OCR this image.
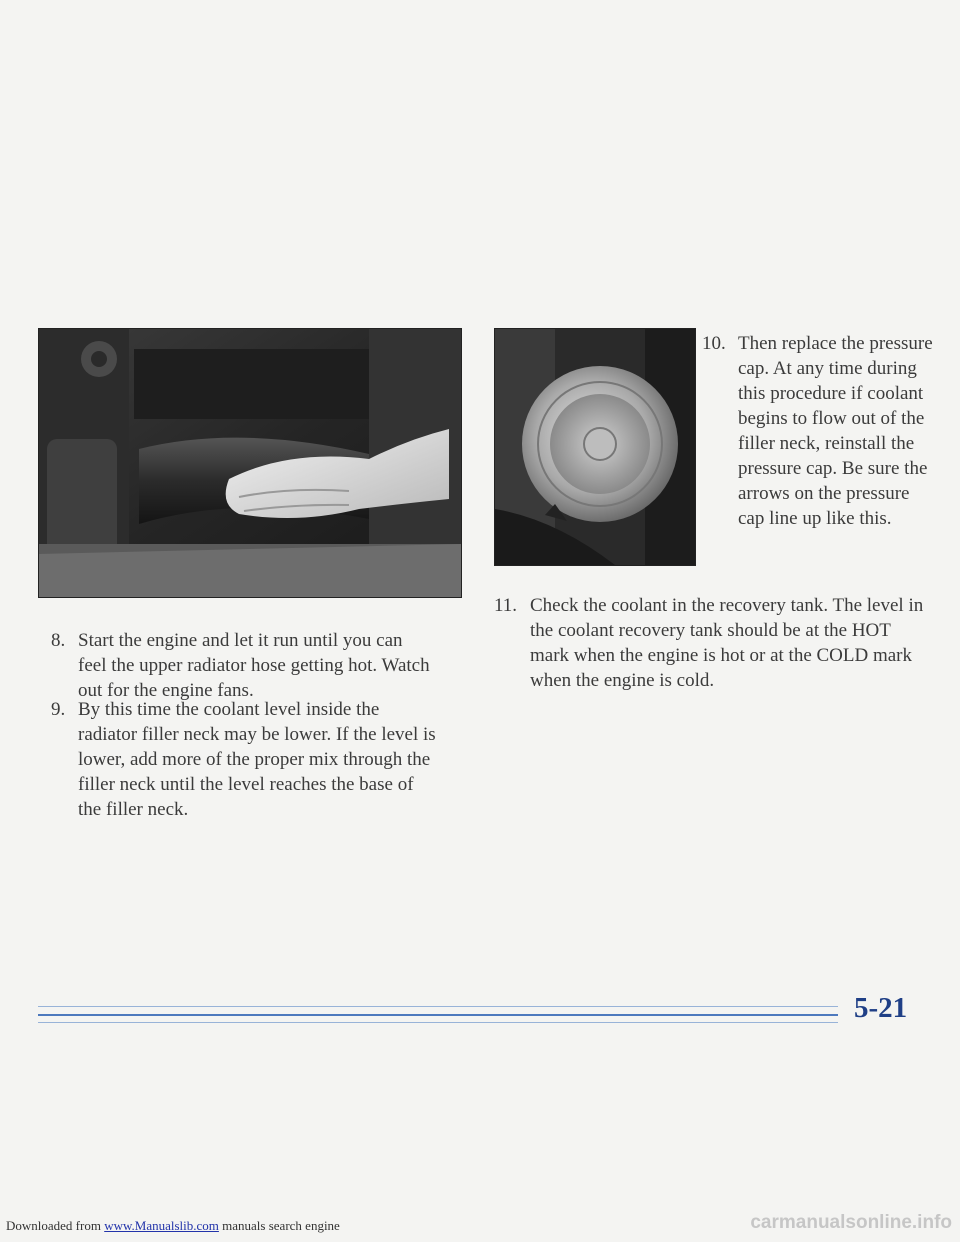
8. Start the engine and let it run until you can feel the upper radiator hose getting hot. Watch out for the engine fans.
9. By this time the coolant level inside the radiator filler neck may be lower. If the level is lower, add more of the proper mix through the filler neck until the level reaches the base of the filler neck.
10. Then replace the pressure cap. At any time during this procedure if coolant begins to flow out of the filler neck, reinstall the pressure cap. Be sure the arrows on the pressure cap line up like this.
11. Check the coolant in the recovery tank. The level in the coolant recovery tank should be at the HOT mark when the engine is hot or at the COLD mark when the engine is cold.
5-21
Downloaded from www.Manualslib.com manuals search engine	carmanualsonline.info
